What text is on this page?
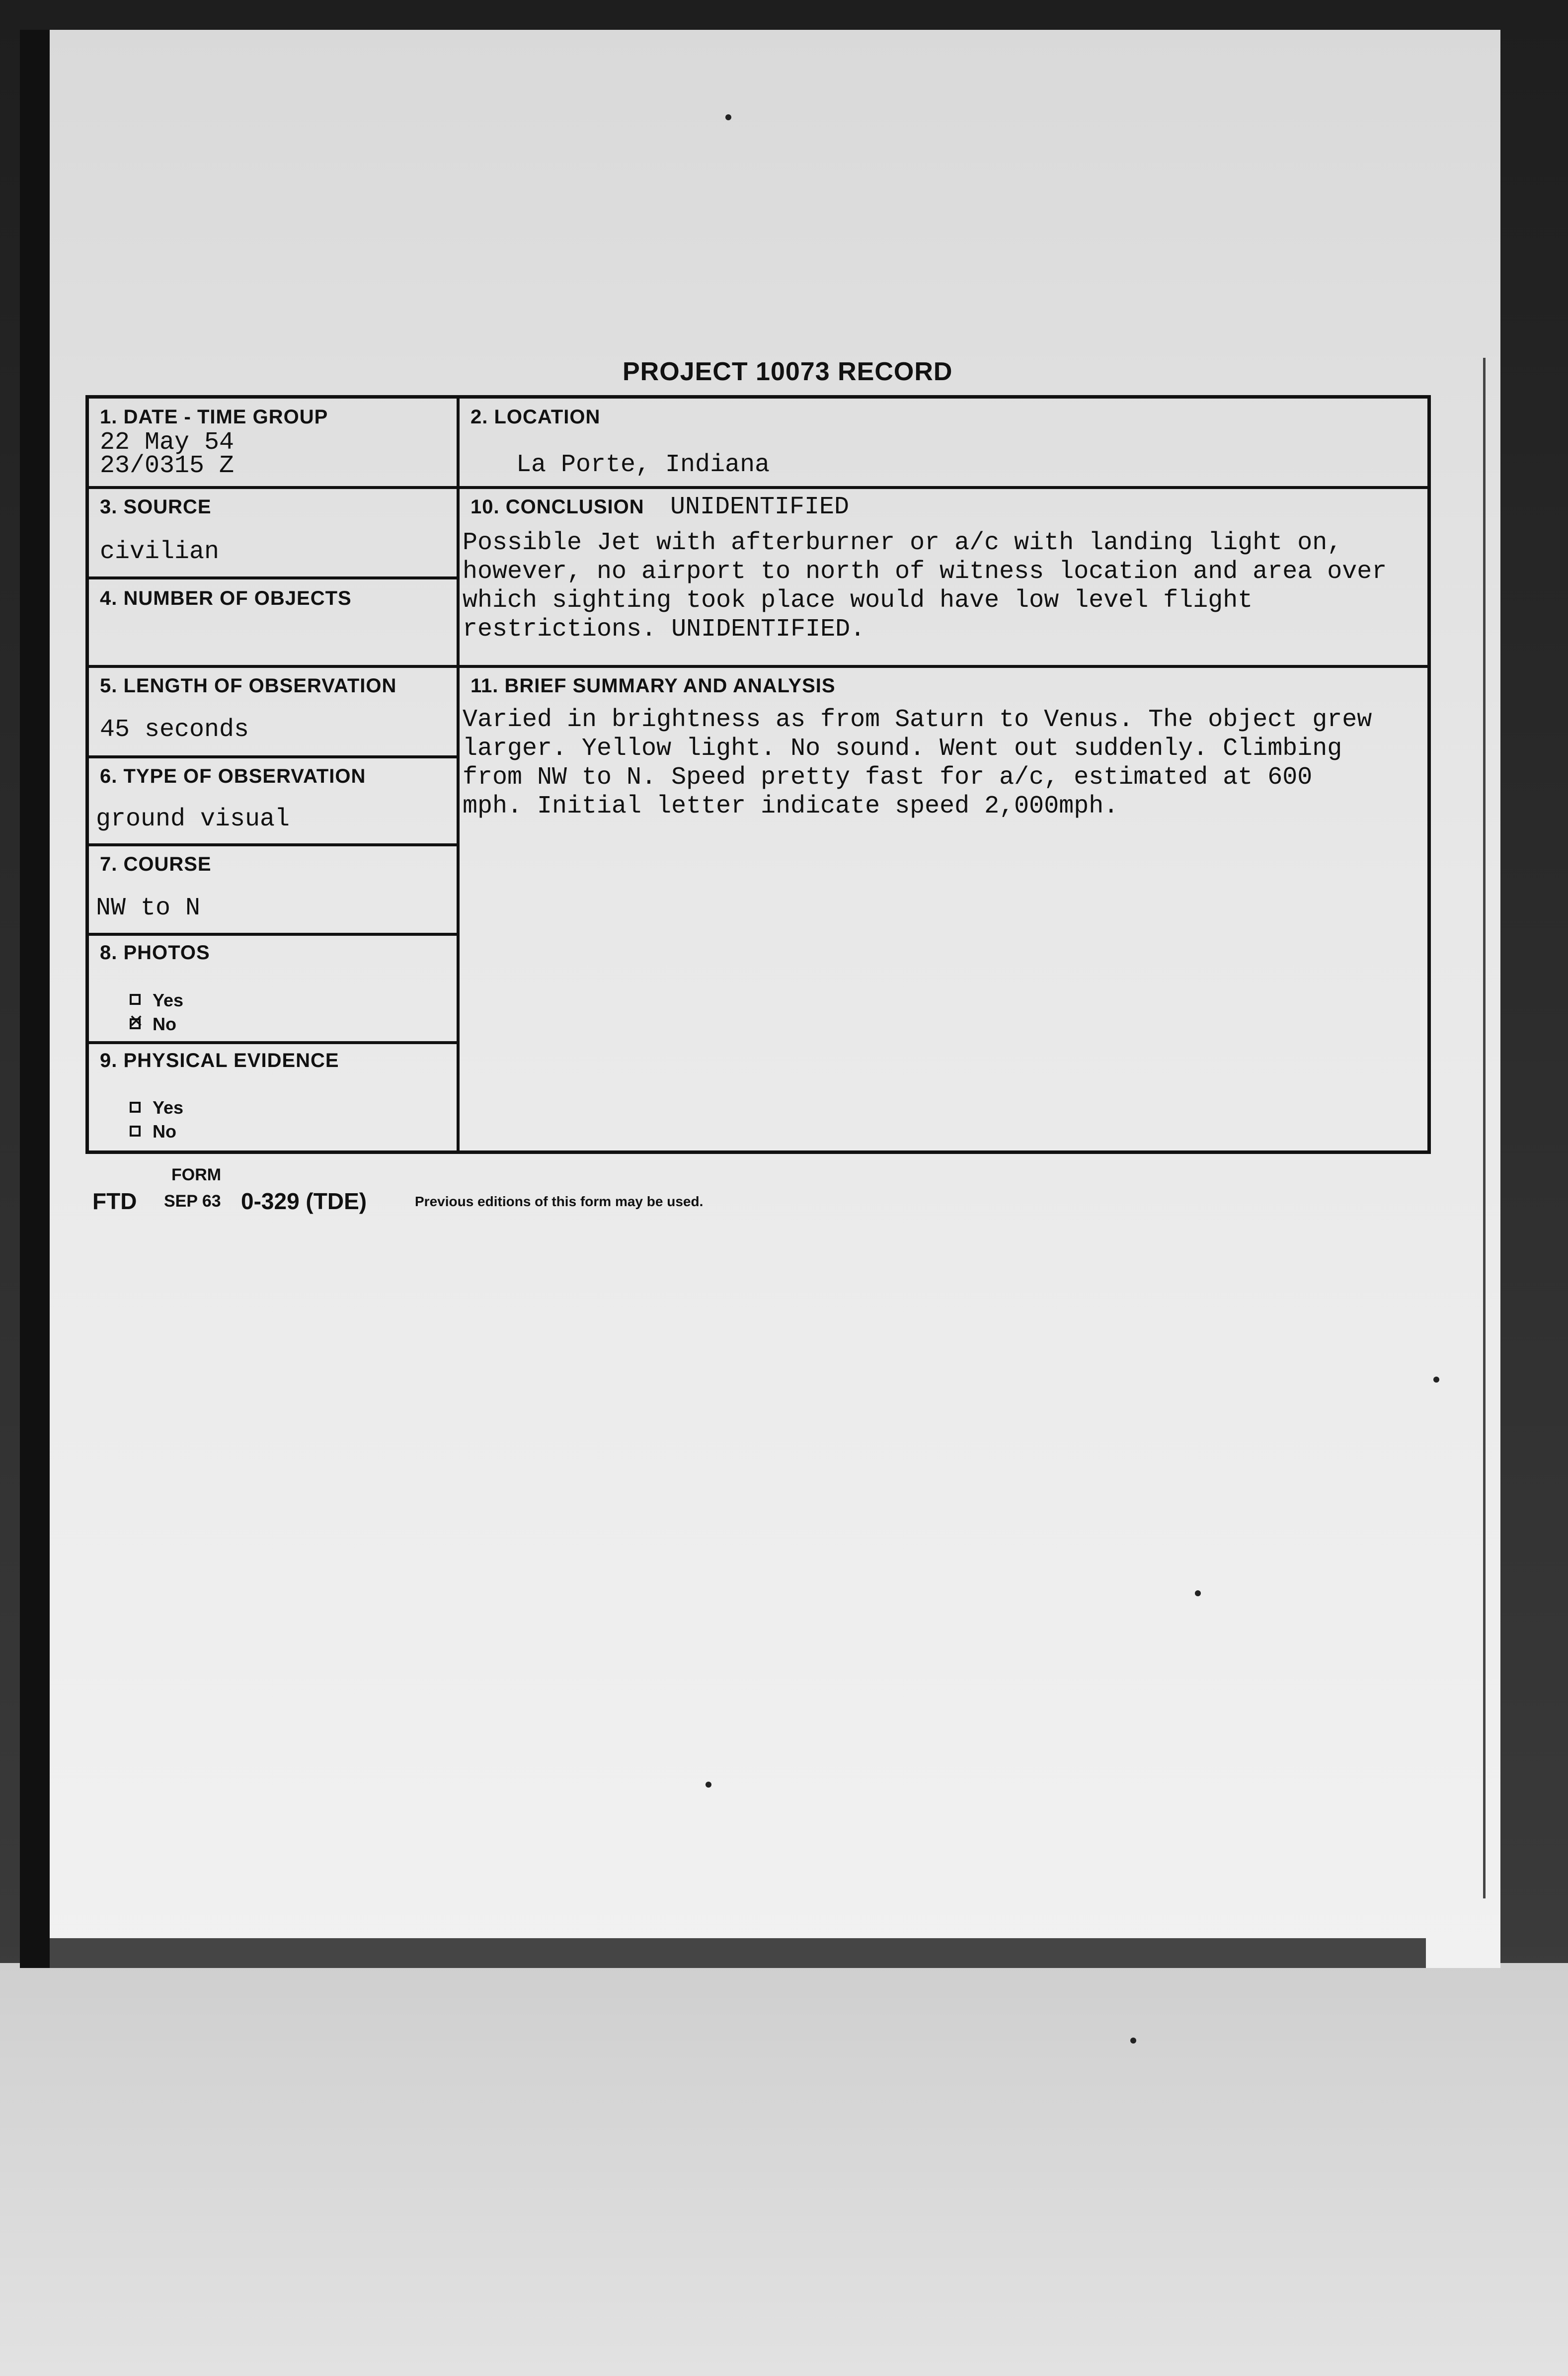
PROJECT 10073 RECORD
1. DATE - TIME GROUP
22 May 54
23/0315 Z
2. LOCATION
La Porte, Indiana
3. SOURCE
civilian
4. NUMBER OF OBJECTS
10. CONCLUSION UNIDENTIFIED
Possible Jet with afterburner or a/c with landing light on, however, no airport to north of witness location and area over which sighting took place would have low level flight restrictions. UNIDENTIFIED.
5. LENGTH OF OBSERVATION
45 seconds
11. BRIEF SUMMARY AND ANALYSIS
Varied in brightness as from Saturn to Venus. The object grew larger. Yellow light. No sound. Went out suddenly. Climbing from NW to N. Speed pretty fast for a/c, estimated at 600 mph. Initial letter indicate speed 2,000mph.
6. TYPE OF OBSERVATION
ground visual
7. COURSE
NW to N
8. PHOTOS
Yes
✕
No
9. PHYSICAL EVIDENCE
Yes
No
FORM
FTD SEP 63 0-329 (TDE)	Previous editions of this form may be used.
